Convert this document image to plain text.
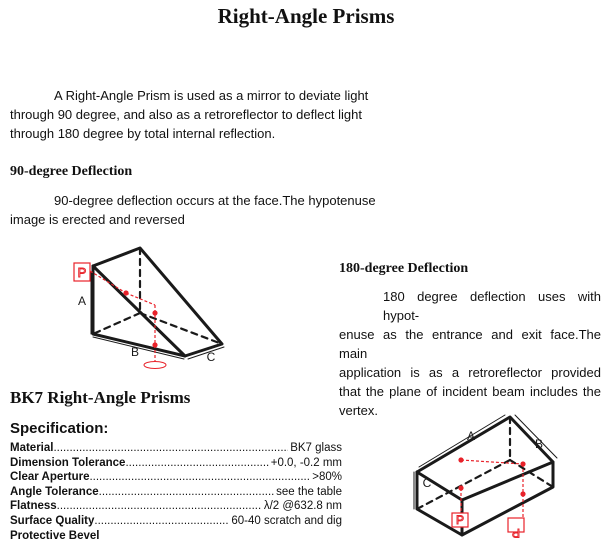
Right-Angle Prisms
A Right-Angle Prism is used as a mirror to deviate light
through 90 degree, and also as a retroreflector to deflect light
through 180 degree by total internal reflection.
90-degree Deflection
90-degree deflection occurs at the face.The hypotenuse
image is erected and reversed
P
A
B	C
180-degree Deflection
180 degree deflection uses with hypot-
enuse as the entrance and exit face.The main
application is as a retroreflector provided
that the plane of incident beam includes the
vertex.
BK7 Right-Angle Prisms
Specification:
Material .....	BK7 glass
Dimension Tolerance .....	+0.0, -0.2 mm
Clear Aperture .....	>80%
Angle Tolerance .....	see the table
Flatness .....	λ/2 @632.8 nm
Surface Quality .....	60-40 scratch and dig
Protective Bevel
P
P
A
B
C
